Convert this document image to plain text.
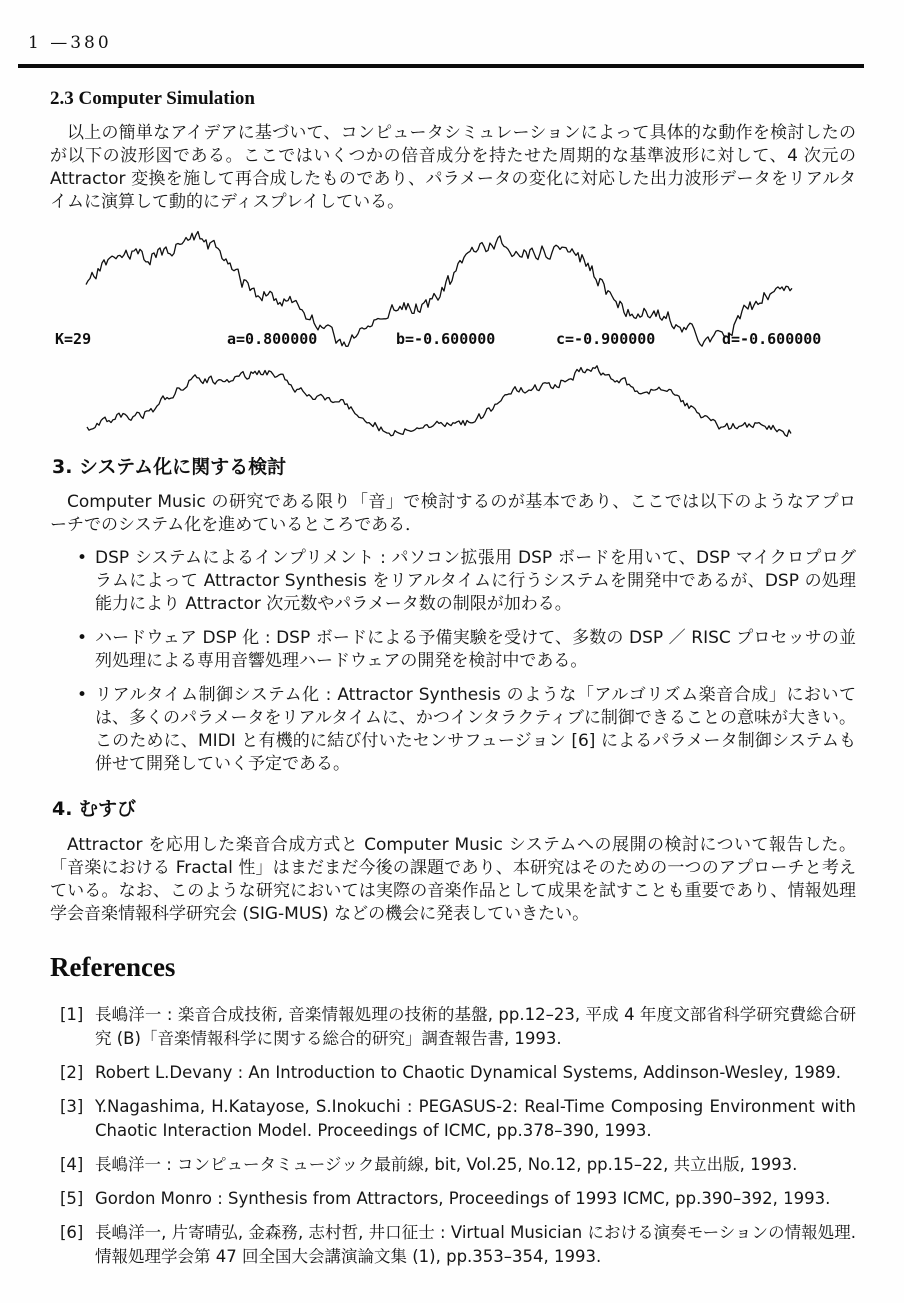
1 —380
2.3 Computer Simulation

以上の簡単なアイデアに基づいて、コンピュータシミュレーションによって具体的な動作を検討したのが以下の波形図である。ここではいくつかの倍音成分を持たせた周期的な基準波形に対して、4 次元の Attractor 変換を施して再合成したものであり、パラメータの変化に対応した出力波形データをリアルタイムに演算して動的にディスプレイしている。

K=29	a=0.800000	b=-0.600000	c=-0.900000	d=-0.600000
3. システム化に関する検討

Computer Music の研究である限り「音」で検討するのが基本であり、ここでは以下のようなアプローチでのシステム化を進めているところである．

• DSP システムによるインプリメント : パソコン拡張用 DSP ボードを用いて、DSP マイクロプログラムによって Attractor Synthesis をリアルタイムに行うシステムを開発中であるが、DSP の処理能力により Attractor 次元数やパラメータ数の制限が加わる。
• ハードウェア DSP 化 : DSP ボードによる予備実験を受けて、多数の DSP ／ RISC プロセッサの並列処理による専用音響処理ハードウェアの開発を検討中である。
• リアルタイム制御システム化 : Attractor Synthesis のような「アルゴリズム楽音合成」においては、多くのパラメータをリアルタイムに、かつインタラクティブに制御できることの意味が大きい。このために、MIDI と有機的に結び付いたセンサフュージョン [6] によるパラメータ制御システムも併せて開発していく予定である。
4. むすび

Attractor を応用した楽音合成方式と Computer Music システムへの展開の検討について報告した。「音楽における Fractal 性」はまだまだ今後の課題であり、本研究はそのための一つのアプローチと考えている。なお、このような研究においては実際の音楽作品として成果を試すことも重要であり、情報処理学会音楽情報科学研究会 (SIG-MUS) などの機会に発表していきたい。

References
[1] 長嶋洋一 : 楽音合成技術, 音楽情報処理の技術的基盤, pp.12–23, 平成 4 年度文部省科学研究費総合研究 (B)「音楽情報科学に関する総合的研究」調査報告書, 1993.
[2] Robert L.Devany : An Introduction to Chaotic Dynamical Systems, Addinson-Wesley, 1989.
[3] Y.Nagashima, H.Katayose, S.Inokuchi : PEGASUS-2: Real-Time Composing Environment with Chaotic Interaction Model. Proceedings of ICMC, pp.378–390, 1993.
[4] 長嶋洋一 : コンピュータミュージック最前線, bit, Vol.25, No.12, pp.15–22, 共立出版, 1993.
[5] Gordon Monro : Synthesis from Attractors, Proceedings of 1993 ICMC, pp.390–392, 1993.
[6] 長嶋洋一, 片寄晴弘, 金森務, 志村哲, 井口征士 : Virtual Musician における演奏モーションの情報処理. 情報処理学会第 47 回全国大会講演論文集 (1), pp.353–354, 1993.
